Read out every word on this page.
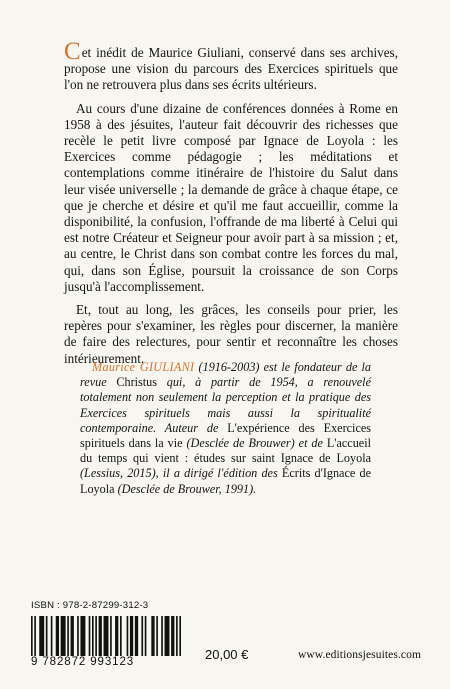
Cet inédit de Maurice Giuliani, conservé dans ses archives, propose une vision du parcours des Exercices spirituels que l'on ne retrouvera plus dans ses écrits ultérieurs.

Au cours d'une dizaine de conférences données à Rome en 1958 à des jésuites, l'auteur fait découvrir des richesses que recèle le petit livre composé par Ignace de Loyola : les Exercices comme pédagogie ; les méditations et contemplations comme itinéraire de l'histoire du Salut dans leur visée universelle ; la demande de grâce à chaque étape, ce que je cherche et désire et qu'il me faut accueillir, comme la disponibilité, la confusion, l'offrande de ma liberté à Celui qui est notre Créateur et Seigneur pour avoir part à sa mission ; et, au centre, le Christ dans son combat contre les forces du mal, qui, dans son Église, poursuit la croissance de son Corps jusqu'à l'accomplissement.

Et, tout au long, les grâces, les conseils pour prier, les repères pour s'examiner, les règles pour discerner, la manière de faire des relectures, pour sentir et reconnaître les choses intérieurement.

Maurice GIULIANI (1916-2003) est le fondateur de la revue Christus qui, à partir de 1954, a renouvelé totalement non seulement la perception et la pratique des Exercices spirituels mais aussi la spiritualité contemporaine. Auteur de L'expérience des Exercices spirituels dans la vie (Desclée de Brouwer) et de L'accueil du temps qui vient : études sur saint Ignace de Loyola (Lessius, 2015), il a dirigé l'édition des Écrits d'Ignace de Loyola (Desclée de Brouwer, 1991).

ISBN : 978-2-87299-312-3
9 782872 993123	20,00 €	www.editionsjesuites.com
